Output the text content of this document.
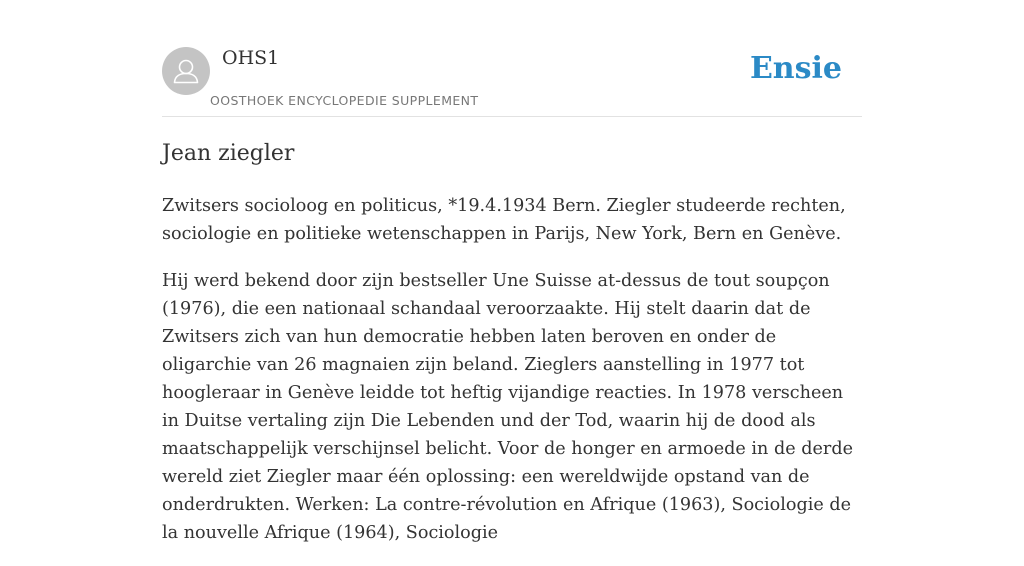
OHS1
OOSTHOEK ENCYCLOPEDIE SUPPLEMENT
Ensie
Jean ziegler

Zwitsers socioloog en politicus, *19.4.1934 Bern. Ziegler studeerde rechten, sociologie en politieke wetenschappen in Parijs, New York, Bern en Genève.

Hij werd bekend door zijn bestseller Une Suisse at-dessus de tout soupçon (1976), die een nationaal schandaal veroorzaakte. Hij stelt daarin dat de Zwitsers zich van hun democratie hebben laten beroven en onder de oligarchie van 26 magnaien zijn beland. Zieglers aanstelling in 1977 tot hoogleraar in Genève leidde tot heftig vijandige reacties. In 1978 verscheen in Duitse vertaling zijn Die Lebenden und der Tod, waarin hij de dood als maatschappelijk verschijnsel belicht. Voor de honger en armoede in de derde wereld ziet Ziegler maar één oplossing: een wereldwijde opstand van de onderdrukten. Werken: La contre-révolution en Afrique (1963), Sociologie de la nouvelle Afrique (1964), Sociologie
